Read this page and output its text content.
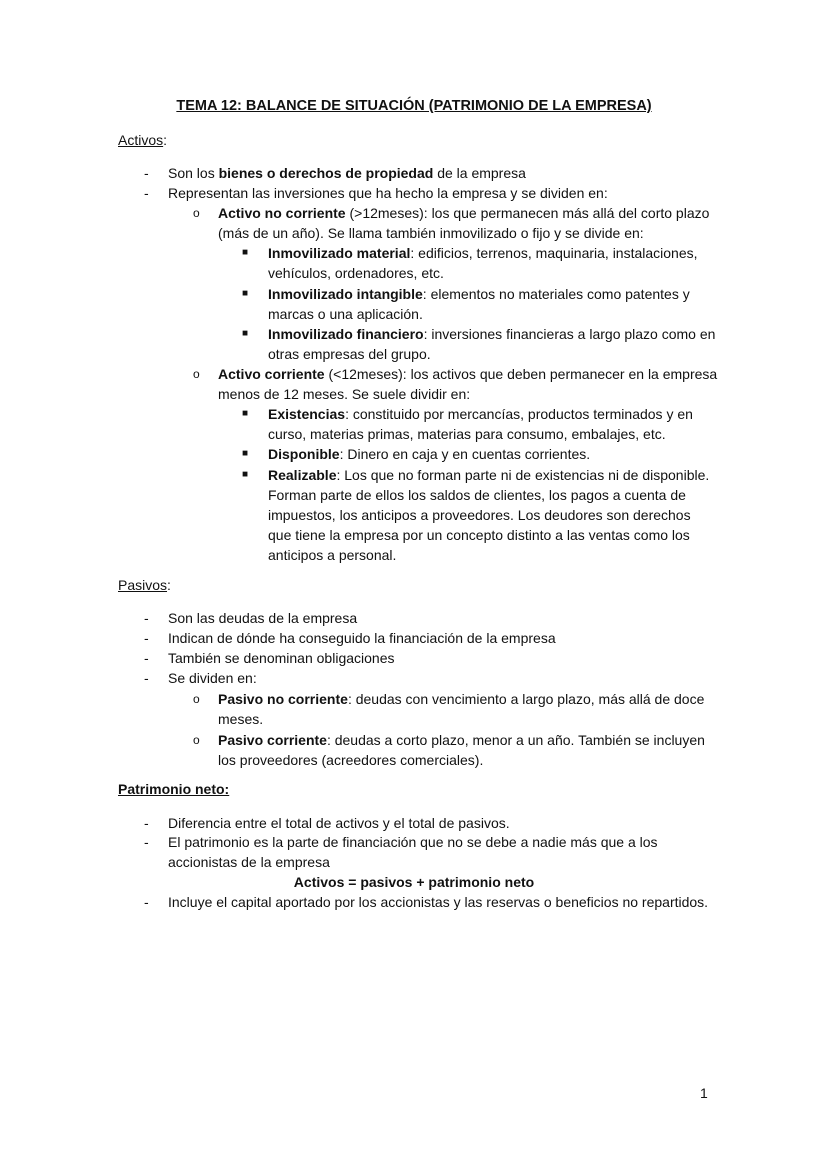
TEMA 12: BALANCE DE SITUACIÓN (PATRIMONIO DE LA EMPRESA)
Activos:
-	Son los bienes o derechos de propiedad de la empresa
-	Representan las inversiones que ha hecho la empresa y se dividen en:
o Activo no corriente (>12meses): los que permanecen más allá del corto plazo
(más de un año). Se llama también inmovilizado o fijo y se divide en:
■ Inmovilizado material: edificios, terrenos, maquinaria, instalaciones,
vehículos, ordenadores, etc.
■ Inmovilizado intangible: elementos no materiales como patentes y
marcas o una aplicación.
■ Inmovilizado financiero: inversiones financieras a largo plazo como en
otras empresas del grupo.
o Activo corriente (<12meses): los activos que deben permanecer en la empresa
menos de 12 meses. Se suele dividir en:
■ Existencias: constituido por mercancías, productos terminados y en
curso, materias primas, materias para consumo, embalajes, etc.
■ Disponible: Dinero en caja y en cuentas corrientes.
■ Realizable: Los que no forman parte ni de existencias ni de disponible.
Forman parte de ellos los saldos de clientes, los pagos a cuenta de
impuestos, los anticipos a proveedores. Los deudores son derechos
que tiene la empresa por un concepto distinto a las ventas como los
anticipos a personal.
Pasivos:
-	Son las deudas de la empresa
-	Indican de dónde ha conseguido la financiación de la empresa
-	También se denominan obligaciones
-	Se dividen en:
o Pasivo no corriente: deudas con vencimiento a largo plazo, más allá de doce
meses.
o Pasivo corriente: deudas a corto plazo, menor a un año. También se incluyen
los proveedores (acreedores comerciales).
Patrimonio neto:
-	Diferencia entre el total de activos y el total de pasivos.
-	El patrimonio es la parte de financiación que no se debe a nadie más que a los
accionistas de la empresa
Activos = pasivos + patrimonio neto
-	Incluye el capital aportado por los accionistas y las reservas o beneficios no repartidos.
1
